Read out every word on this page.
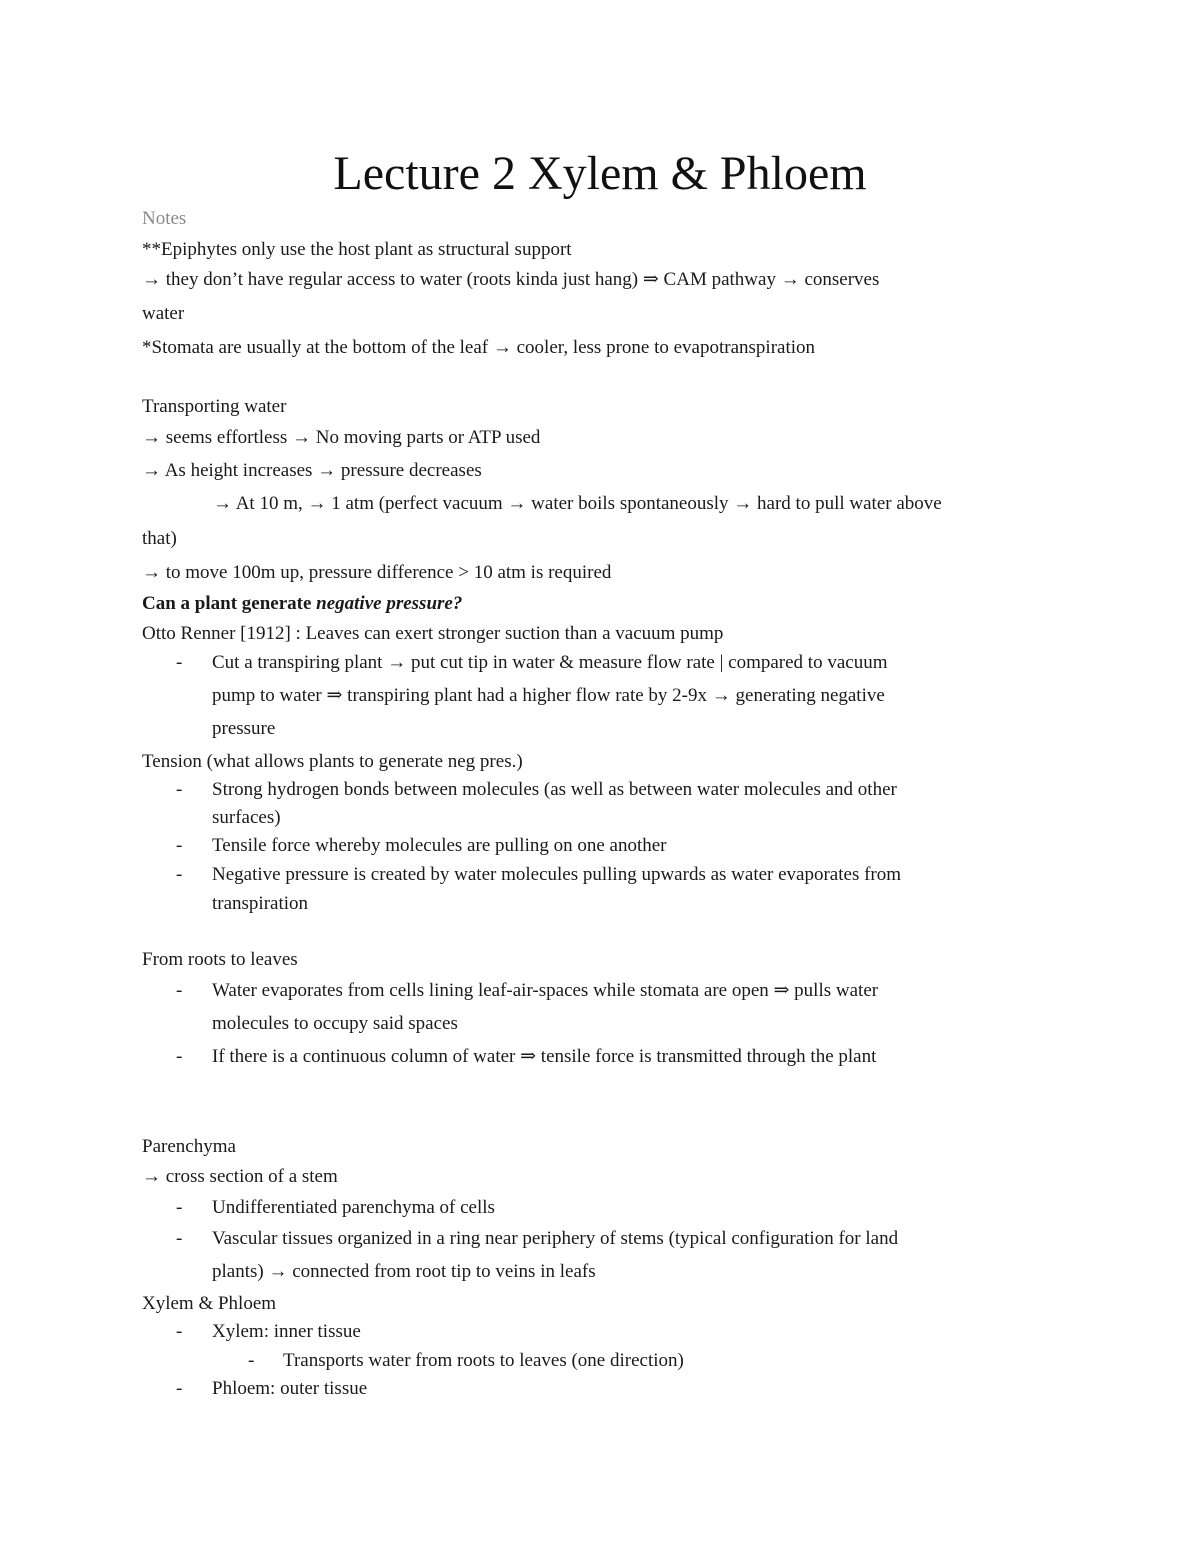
Lecture 2 Xylem & Phloem
Notes
**Epiphytes only use the host plant as structural support
→ they don’t have regular access to water (roots kinda just hang) ⇒ CAM pathway → conserves
water
*Stomata are usually at the bottom of the leaf → cooler, less prone to evapotranspiration
Transporting water
→ seems effortless → No moving parts or ATP used
→ As height increases → pressure decreases
→ At 10 m, → 1 atm (perfect vacuum → water boils spontaneously → hard to pull water above
that)
→ to move 100m up, pressure difference > 10 atm is required
Can a plant generate negative pressure?
Otto Renner [1912] : Leaves can exert stronger suction than a vacuum pump
- Cut a transpiring plant → put cut tip in water & measure flow rate | compared to vacuum
pump to water ⇒ transpiring plant had a higher flow rate by 2-9x → generating negative
pressure
Tension (what allows plants to generate neg pres.)
- Strong hydrogen bonds between molecules (as well as between water molecules and other
surfaces)
- Tensile force whereby molecules are pulling on one another
- Negative pressure is created by water molecules pulling upwards as water evaporates from
transpiration
From roots to leaves
- Water evaporates from cells lining leaf-air-spaces while stomata are open ⇒ pulls water
molecules to occupy said spaces
- If there is a continuous column of water ⇒ tensile force is transmitted through the plant
Parenchyma
→ cross section of a stem
- Undifferentiated parenchyma of cells
- Vascular tissues organized in a ring near periphery of stems (typical configuration for land
plants) → connected from root tip to veins in leafs
Xylem & Phloem
- Xylem: inner tissue
- Transports water from roots to leaves (one direction)
- Phloem: outer tissue
